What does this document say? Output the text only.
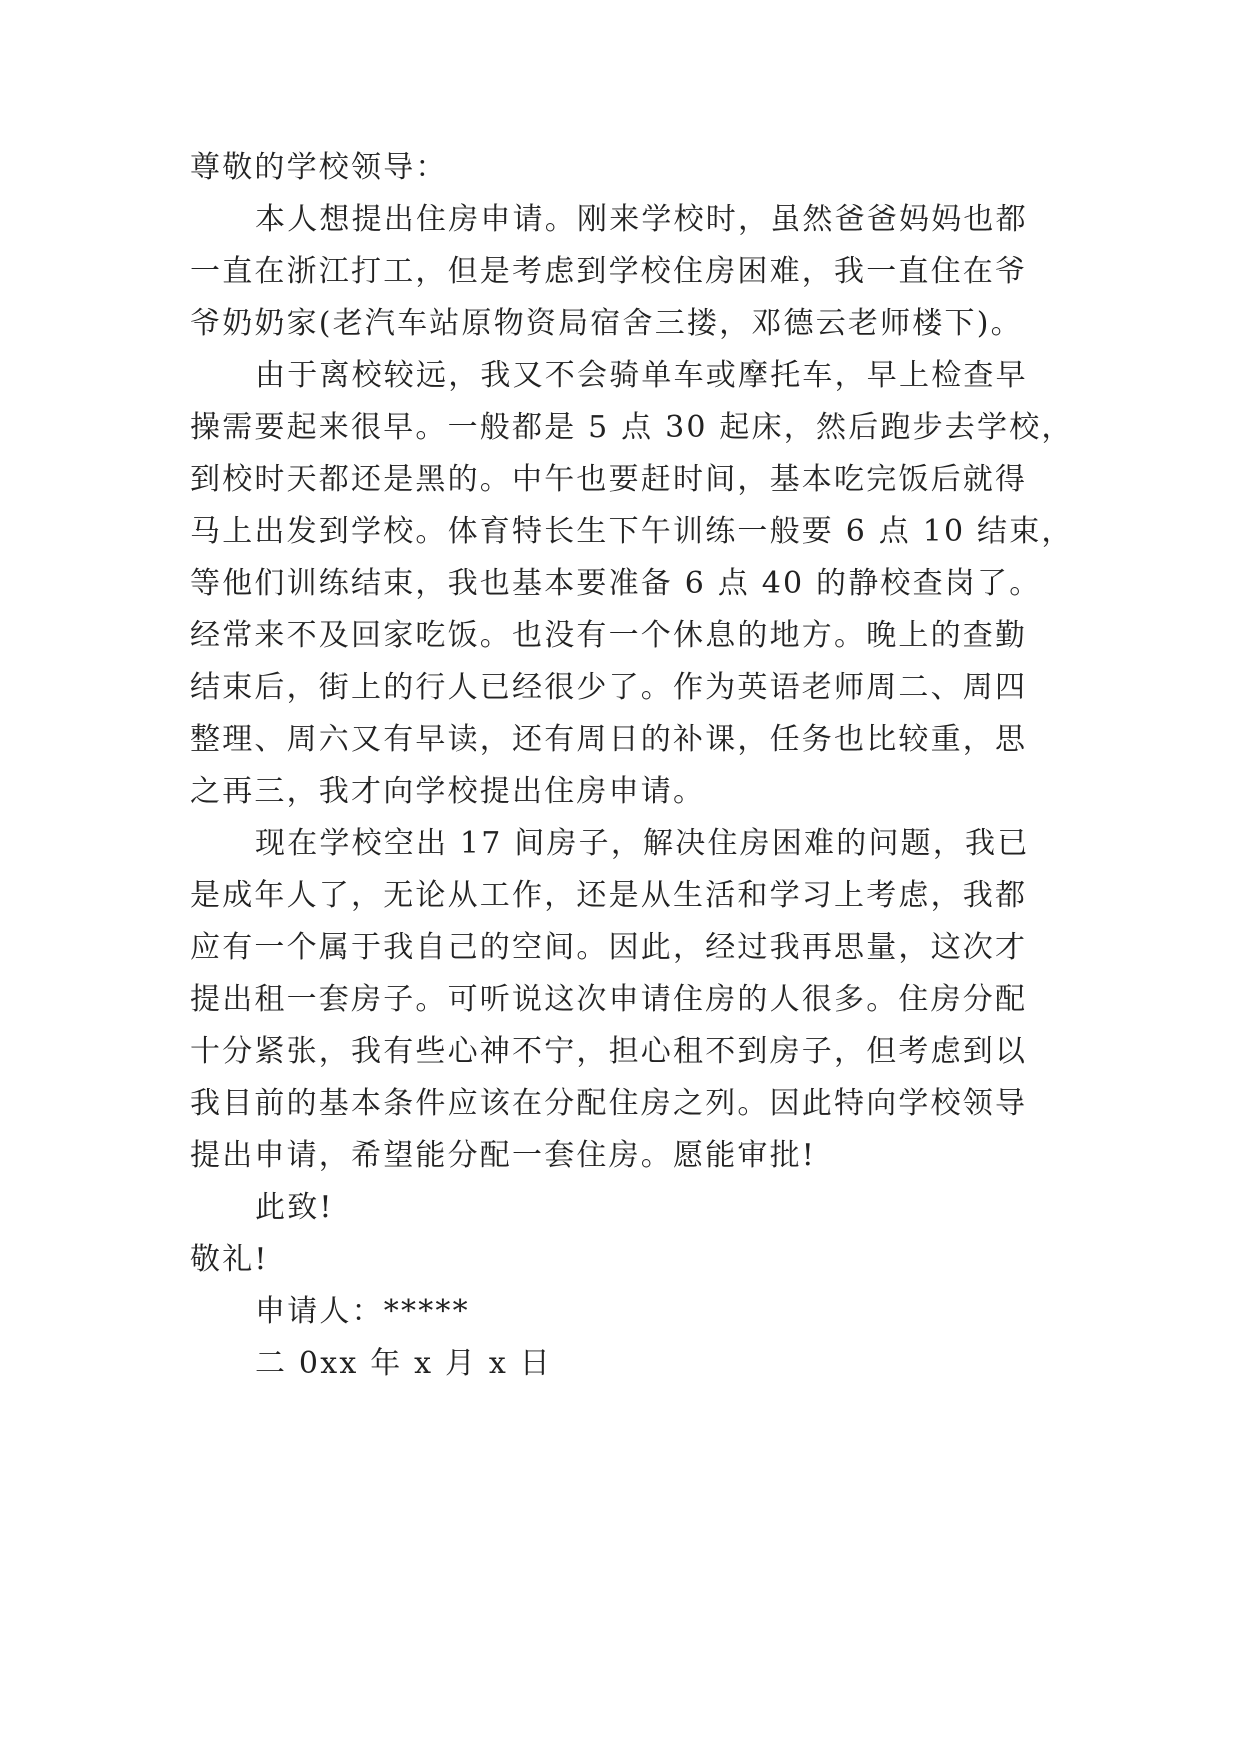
尊敬的学校领导：
本人想提出住房申请。刚来学校时，虽然爸爸妈妈也都
一直在浙江打工，但是考虑到学校住房困难，我一直住在爷
爷奶奶家(老汽车站原物资局宿舍三搂，邓德云老师楼下)。
由于离校较远，我又不会骑单车或摩托车，早上检查早
操需要起来很早。一般都是 5 点 30 起床，然后跑步去学校，
到校时天都还是黑的。中午也要赶时间，基本吃完饭后就得
马上出发到学校。体育特长生下午训练一般要 6 点 10 结束，
等他们训练结束，我也基本要准备 6 点 40 的静校查岗了。
经常来不及回家吃饭。也没有一个休息的地方。晚上的查勤
结束后，街上的行人已经很少了。作为英语老师周二、周四
整理、周六又有早读，还有周日的补课，任务也比较重，思
之再三，我才向学校提出住房申请。
现在学校空出 17 间房子，解决住房困难的问题，我已
是成年人了，无论从工作，还是从生活和学习上考虑，我都
应有一个属于我自己的空间。因此，经过我再思量，这次才
提出租一套房子。可听说这次申请住房的人很多。住房分配
十分紧张，我有些心神不宁，担心租不到房子，但考虑到以
我目前的基本条件应该在分配住房之列。因此特向学校领导
提出申请，希望能分配一套住房。愿能审批!
此致!
敬礼!
申请人：*****
二 0xx 年 x 月 x 日
